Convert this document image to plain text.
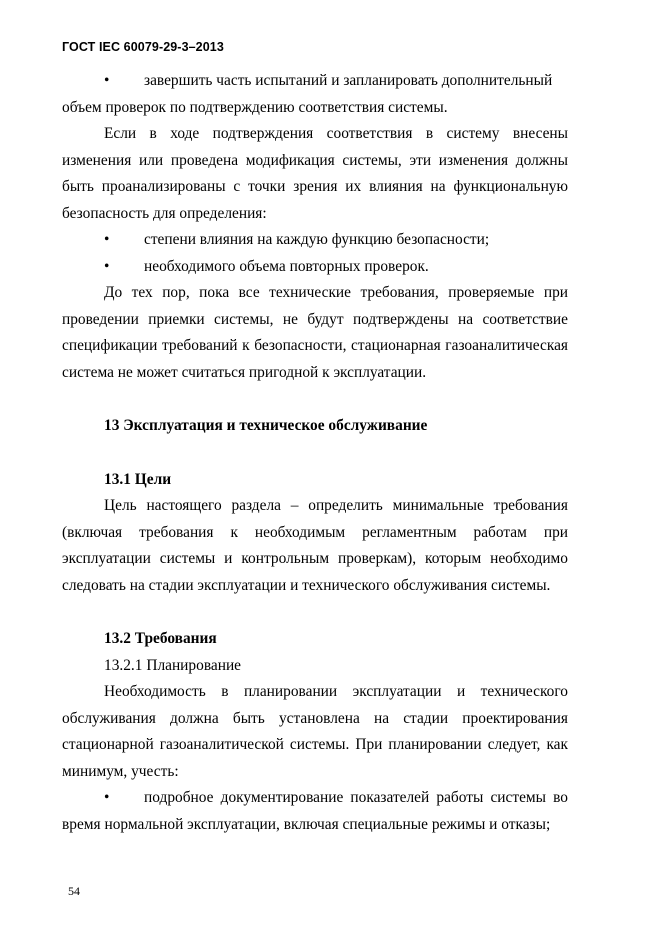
ГОСТ IEC 60079-29-3–2013

• завершить часть испытаний и запланировать дополнительный

объем проверок по подтверждению соответствия системы.

Если в ходе подтверждения соответствия в систему внесены изменения или проведена модификация системы, эти изменения должны быть проанализированы с точки зрения их влияния на функциональную безопасность для определения:

• степени влияния на каждую функцию безопасности;

• необходимого объема повторных проверок.

До тех пор, пока все технические требования, проверяемые при проведении приемки системы, не будут подтверждены на соответствие спецификации требований к безопасности, стационарная газоаналитическая система не может считаться пригодной к эксплуатации.

13 Эксплуатация и техническое обслуживание
13.1 Цели

Цель настоящего раздела – определить минимальные требования (включая требования к необходимым регламентным работам при эксплуатации системы и контрольным проверкам), которым необходимо следовать на стадии эксплуатации и технического обслуживания системы.

13.2 Требования

13.2.1 Планирование

Необходимость в планировании эксплуатации и технического обслуживания должна быть установлена на стадии проектирования стационарной газоаналитической системы. При планировании следует, как минимум, учесть:

• подробное документирование показателей работы системы во время нормальной эксплуатации, включая специальные режимы и отказы;

54
